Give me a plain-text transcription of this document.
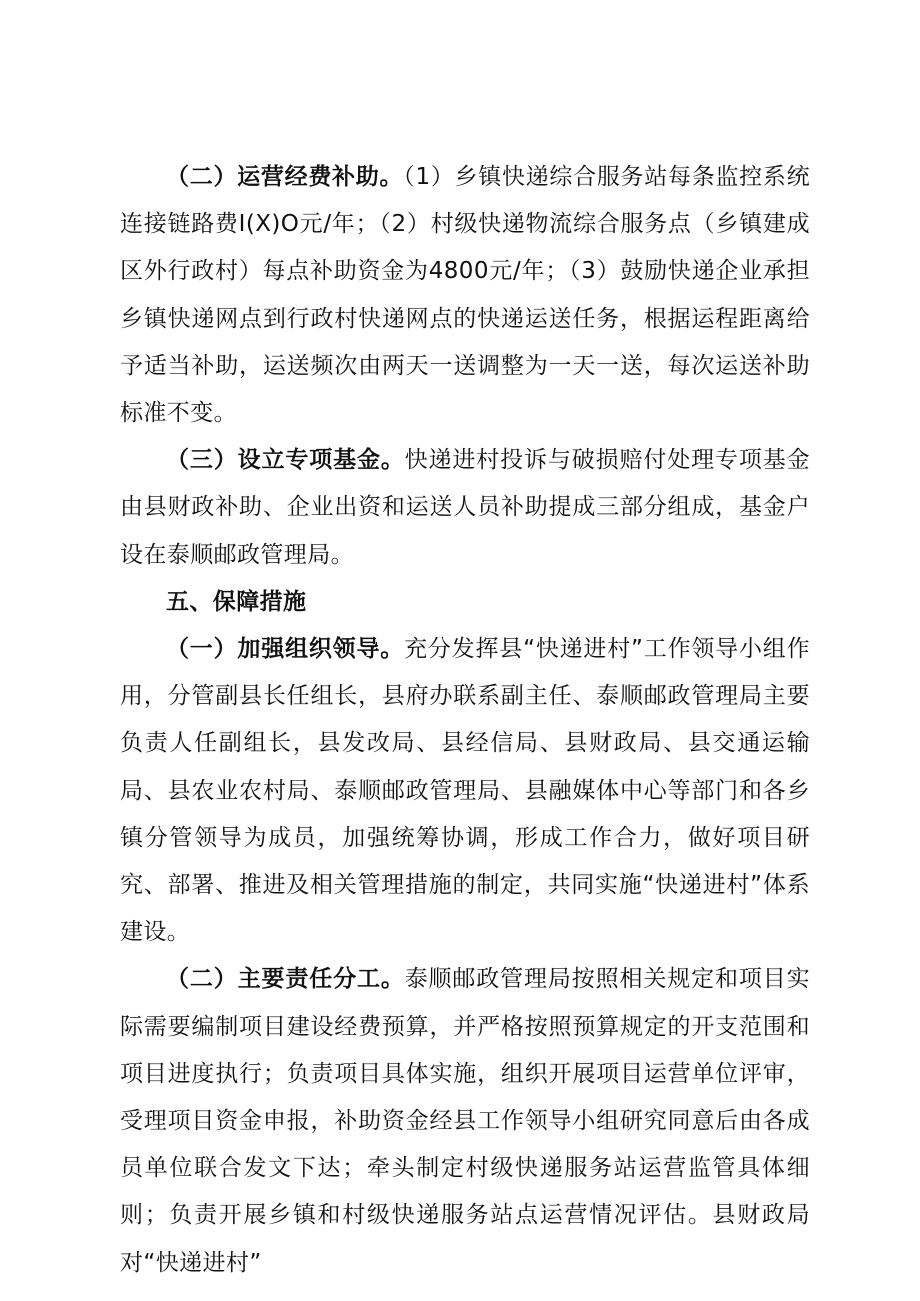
（二）运营经费补助。（1）乡镇快递综合服务站每条监控系统连接链路费I(X)O元/年；（2）村级快递物流综合服务点（乡镇建成区外行政村）每点补助资金为4800元/年；（3）鼓励快递企业承担乡镇快递网点到行政村快递网点的快递运送任务，根据运程距离给予适当补助，运送频次由两天一送调整为一天一送，每次运送补助标准不变。

（三）设立专项基金。快递进村投诉与破损赔付处理专项基金由县财政补助、企业出资和运送人员补助提成三部分组成，基金户设在泰顺邮政管理局。

五、保障措施

（一）加强组织领导。充分发挥县“快递进村”工作领导小组作用，分管副县长任组长，县府办联系副主任、泰顺邮政管理局主要负责人任副组长，县发改局、县经信局、县财政局、县交通运输局、县农业农村局、泰顺邮政管理局、县融媒体中心等部门和各乡镇分管领导为成员，加强统筹协调，形成工作合力，做好项目研究、部署、推进及相关管理措施的制定，共同实施“快递进村”体系建设。

（二）主要责任分工。泰顺邮政管理局按照相关规定和项目实际需要编制项目建设经费预算，并严格按照预算规定的开支范围和项目进度执行；负责项目具体实施，组织开展项目运营单位评审，受理项目资金申报，补助资金经县工作领导小组研究同意后由各成员单位联合发文下达；牵头制定村级快递服务站运营监管具体细则；负责开展乡镇和村级快递服务站点运营情况评估。县财政局对“快递进村”
